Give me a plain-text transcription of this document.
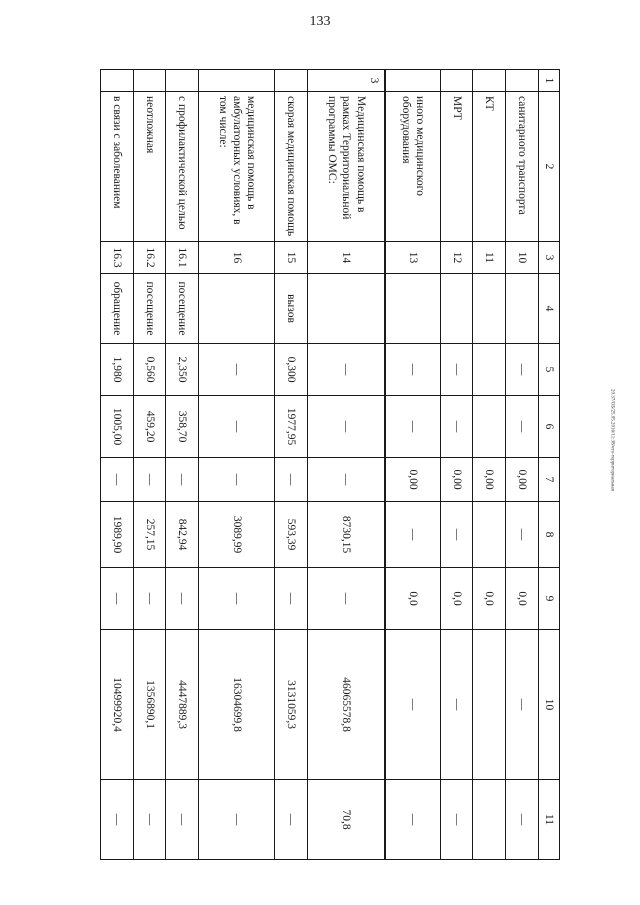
133
20.37/ОБ/25.05.2016/11:38/что-территориальная
1	2	3	4	5	6	7	8	9	10	11
	санитарного транспорта	10		—	—	0,00	—	0,0	—	—
	КТ	11				0,00		0,0		
	МРТ	12		—	—	0,00	—	0,0	—	—
	иного медицинского оборудования	13		—	—	0,00	—	0,0	—	—
3	Медицинская помощь в рамках Территориальной программы ОМС:	14		—	—	—	8730,15	—	46065578,8	70,8
	скорая медицинская помощь	15	вызов	0,300	1977,95	—	593,39	—	3131059,3	—
	медицинская помощь в амбулаторных условиях, в том числе:	16		—	—	—	3089,99	—	16304699,8	—
	с профилактической целью	16.1	посещение	2,350	358,70	—	842,94	—	4447889,3	—
	неотложная	16.2	посещение	0,560	459,20	—	257,15	—	1356890,1	—
	в связи с заболеванием	16.3	обращение	1,980	1005,00	—	1989,90	—	10499920,4	—
